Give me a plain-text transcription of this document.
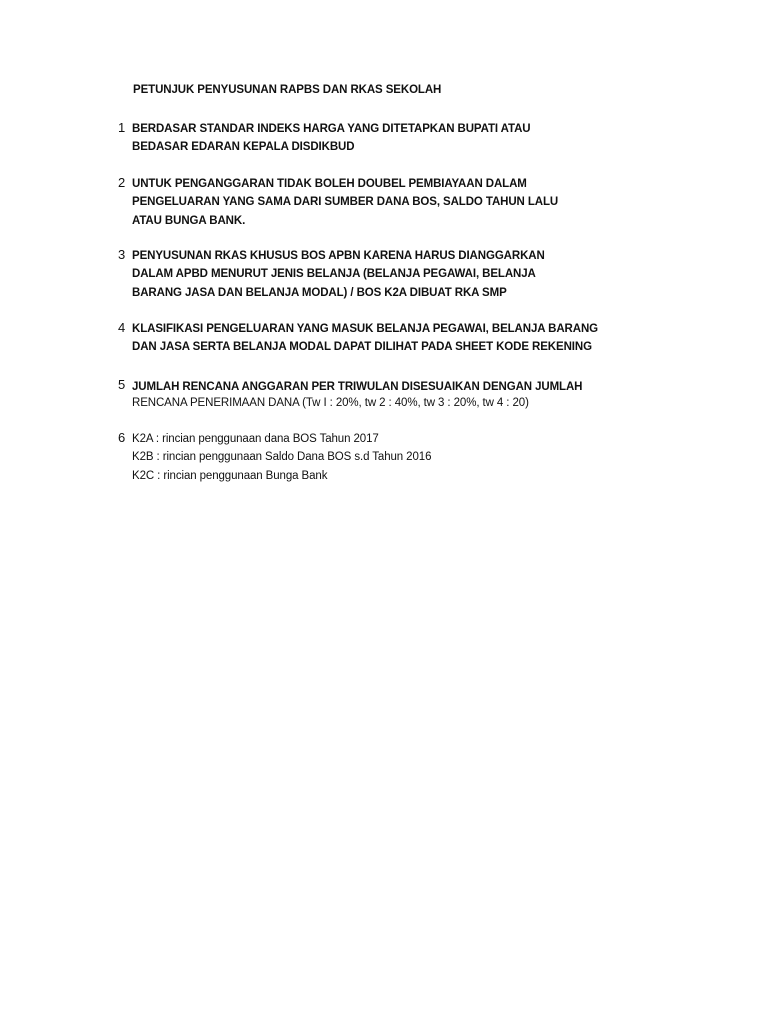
PETUNJUK PENYUSUNAN RAPBS DAN RKAS SEKOLAH
1 BERDASAR STANDAR INDEKS HARGA YANG DITETAPKAN BUPATI ATAU
BEDASAR EDARAN KEPALA DISDIKBUD
2 UNTUK PENGANGGARAN TIDAK BOLEH DOUBEL PEMBIAYAAN DALAM
PENGELUARAN YANG SAMA DARI SUMBER DANA BOS, SALDO TAHUN LALU
ATAU BUNGA BANK.
3 PENYUSUNAN RKAS KHUSUS BOS APBN KARENA HARUS DIANGGARKAN
DALAM APBD MENURUT JENIS BELANJA (BELANJA PEGAWAI, BELANJA
BARANG JASA DAN BELANJA MODAL) / BOS K2A DIBUAT RKA SMP
4 KLASIFIKASI PENGELUARAN YANG MASUK BELANJA PEGAWAI, BELANJA BARANG
DAN JASA SERTA BELANJA MODAL DAPAT DILIHAT PADA SHEET KODE REKENING
5 JUMLAH RENCANA ANGGARAN PER TRIWULAN DISESUAIKAN DENGAN JUMLAH
RENCANA PENERIMAAN DANA (Tw I : 20%, tw 2 : 40%, tw 3 : 20%, tw 4 : 20)
6 K2A : rincian penggunaan dana BOS Tahun 2017
K2B : rincian penggunaan Saldo Dana BOS s.d Tahun 2016
K2C : rincian penggunaan Bunga Bank
